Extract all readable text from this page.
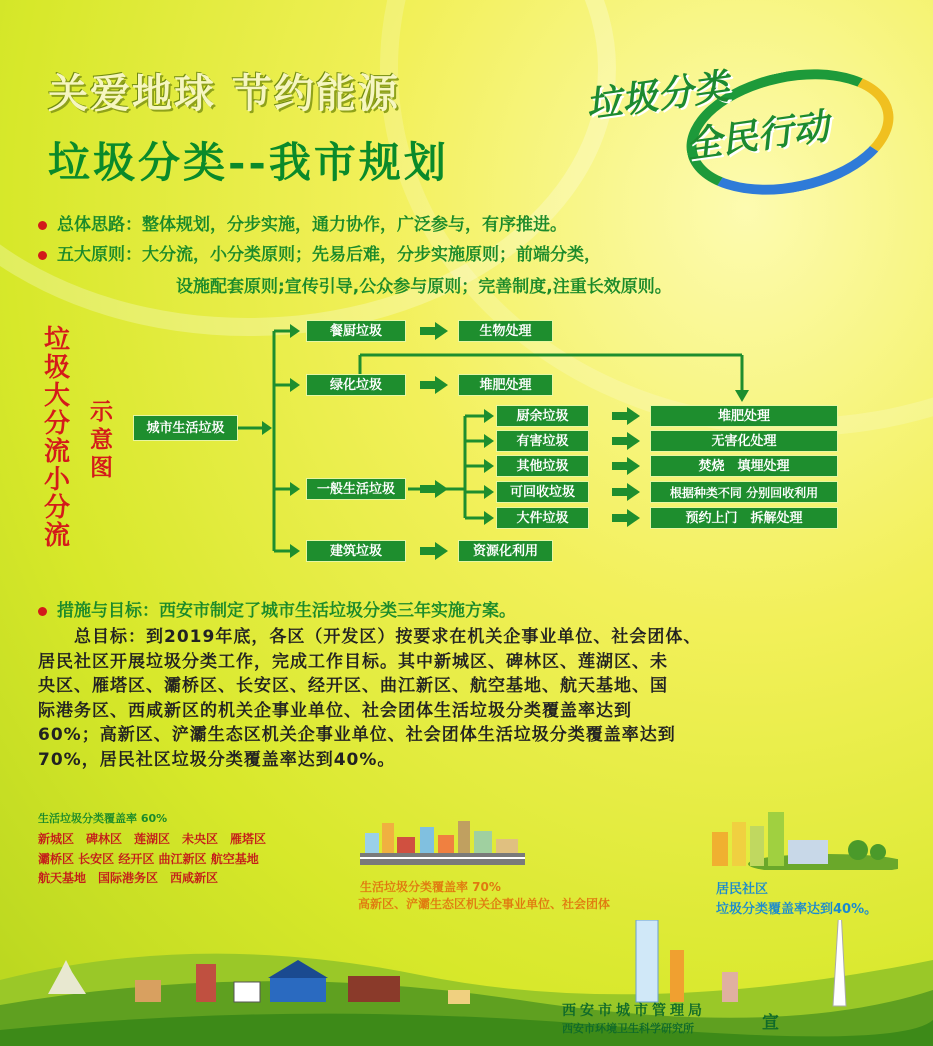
关爱地球 节约能源
垃圾分类--我市规划
垃圾分类
全民行动
总体思路：整体规划，分步实施，通力协作，广泛参与，有序推进。
五大原则：大分流，小分类原则；先易后难，分步实施原则；前端分类，
设施配套原则;宣传引导,公众参与原则；完善制度,注重长效原则。
垃圾大分流小分流
示意图
城市生活垃圾
餐厨垃圾	生物处理
绿化垃圾	堆肥处理
一般生活垃圾
建筑垃圾	资源化利用
厨余垃圾
有害垃圾
其他垃圾
可回收垃圾
大件垃圾
堆肥处理
无害化处理
焚烧　填埋处理
根据种类不同 分别回收利用
预约上门　拆解处理
措施与目标：西安市制定了城市生活垃圾分类三年实施方案。
总目标：到2019年底，各区（开发区）按要求在机关企事业单位、社会团体、
居民社区开展垃圾分类工作，完成工作目标。其中新城区、碑林区、莲湖区、未
央区、雁塔区、灞桥区、长安区、经开区、曲江新区、航空基地、航天基地、国
际港务区、西咸新区的机关企事业单位、社会团体生活垃圾分类覆盖率达到
60%；高新区、浐灞生态区机关企事业单位、社会团体生活垃圾分类覆盖率达到
70%，居民社区垃圾分类覆盖率达到40%。
生活垃圾分类覆盖率 60%
新城区　碑林区　莲湖区　未央区　雁塔区
灞桥区 长安区 经开区 曲江新区 航空基地
航天基地　国际港务区　西咸新区
生活垃圾分类覆盖率 70%
高新区、浐灞生态区机关企事业单位、社会团体
居民社区
垃圾分类覆盖率达到40%。
西安市城市管理局
西安市环境卫生科学研究所	宣
